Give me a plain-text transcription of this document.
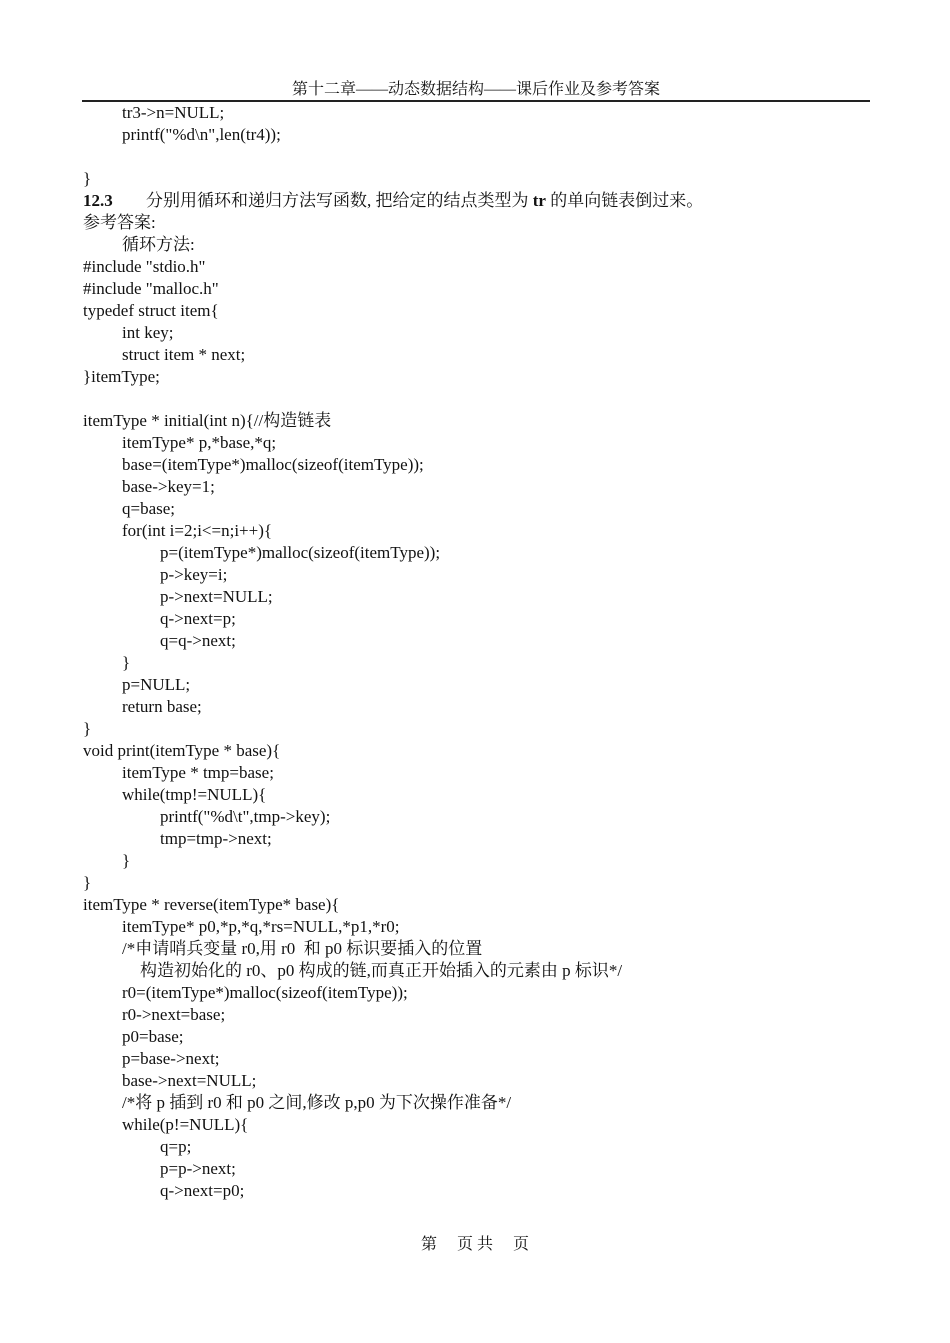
第十二章——动态数据结构——课后作业及参考答案
tr3->n=NULL;
printf("%d\n",len(tr4));
}
12.3 分别用循环和递归方法写函数, 把给定的结点类型为 tr 的单向链表倒过来。
参考答案:
循环方法:
#include "stdio.h"
#include "malloc.h"
typedef struct item{
int key;
struct item * next;
}itemType;
itemType * initial(int n){//构造链表
itemType* p,*base,*q;
base=(itemType*)malloc(sizeof(itemType));
base->key=1;
q=base;
for(int i=2;i<=n;i++){
p=(itemType*)malloc(sizeof(itemType));
p->key=i;
p->next=NULL;
q->next=p;
q=q->next;
}
p=NULL;
return base;
}
void print(itemType * base){
itemType * tmp=base;
while(tmp!=NULL){
printf("%d\t",tmp->key);
tmp=tmp->next;
}
}
itemType * reverse(itemType* base){
itemType* p0,*p,*q,*rs=NULL,*p1,*r0;
/*申请哨兵变量 r0,用 r0  和 p0 标识要插入的位置
构造初始化的 r0、p0 构成的链,而真正开始插入的元素由 p 标识*/
r0=(itemType*)malloc(sizeof(itemType));
r0->next=base;
p0=base;
p=base->next;
base->next=NULL;
/*将 p 插到 r0 和 p0 之间,修改 p,p0 为下次操作准备*/
while(p!=NULL){
q=p;
p=p->next;
q->next=p0;
第     页 共     页
